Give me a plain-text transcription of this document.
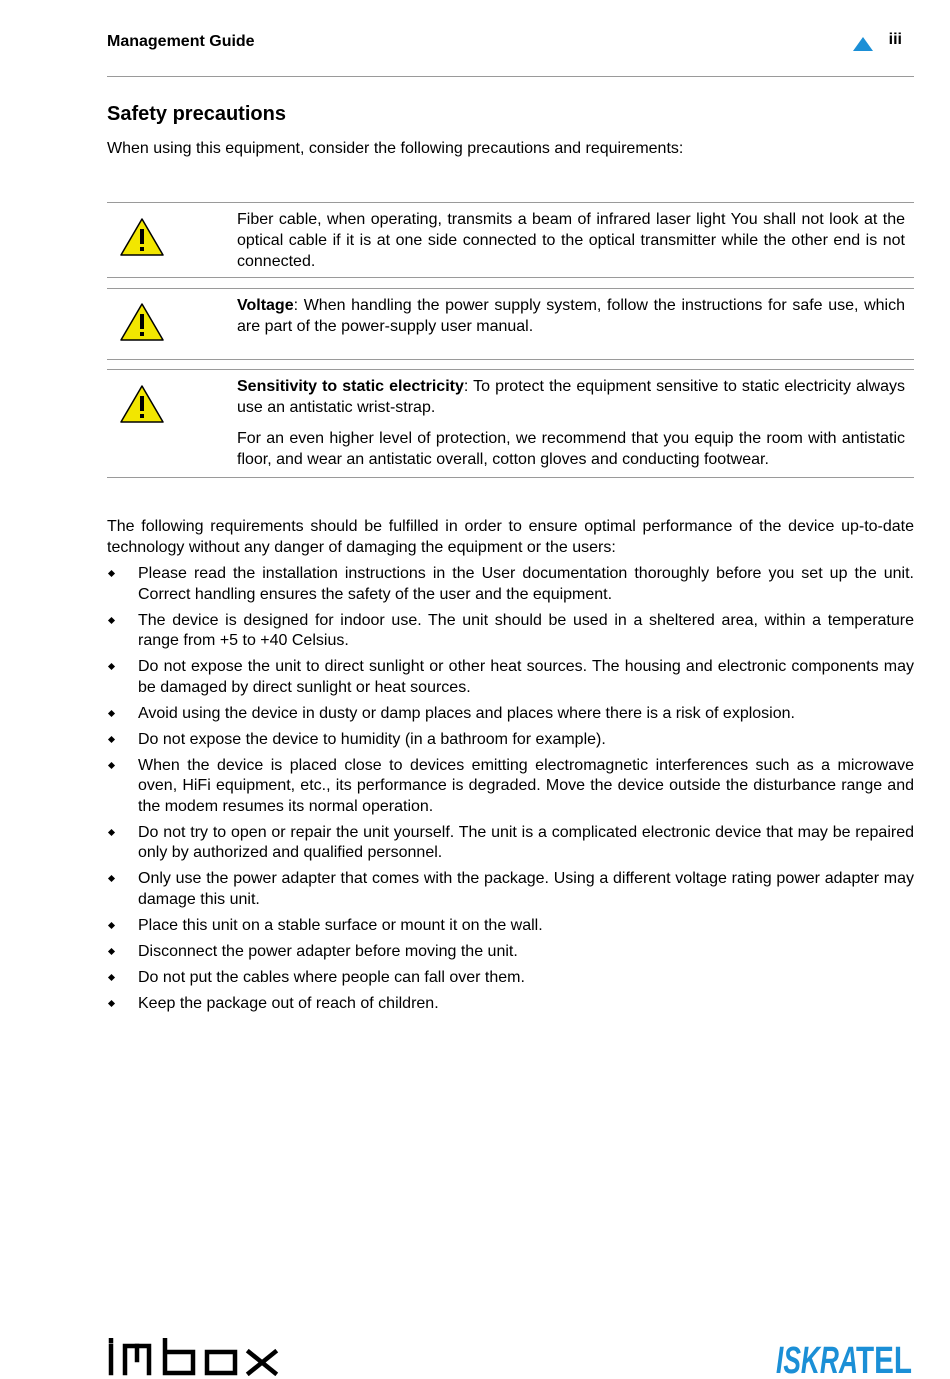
Management Guide	iii
Safety precautions

When using this equipment, consider the following precautions and requirements:

Fiber cable, when operating, transmits a beam of infrared laser light You shall not look at the optical cable if it is at one side connected to the optical transmitter while the other end is not connected.

Voltage: When handling the power supply system, follow the instructions for safe use, which are part of the power-supply user manual.

Sensitivity to static electricity: To protect the equipment sensitive to static electricity always use an antistatic wrist-strap.

For an even higher level of protection, we recommend that you equip the room with antistatic floor, and wear an antistatic overall, cotton gloves and conducting footwear.

The following requirements should be fulfilled in order to ensure optimal performance of the device up-to-date technology without any danger of damaging the equipment or the users:

Please read the installation instructions in the User documentation thoroughly before you set up the unit. Correct handling ensures the safety of the user and the equipment.
The device is designed for indoor use. The unit should be used in a sheltered area, within a temperature range from +5 to +40 Celsius.
Do not expose the unit to direct sunlight or other heat sources. The housing and electronic components may be damaged by direct sunlight or heat sources.
Avoid using the device in dusty or damp places and places where there is a risk of explosion.
Do not expose the device to humidity (in a bathroom for example).
When the device is placed close to devices emitting electromagnetic interferences such as a microwave oven, HiFi equipment, etc., its performance is degraded. Move the device outside the disturbance range and the modem resumes its normal operation.
Do not try to open or repair the unit yourself. The unit is a complicated electronic device that may be repaired only by authorized and qualified personnel.
Only use the power adapter that comes with the package. Using a different voltage rating power adapter may damage this unit.
Place this unit on a stable surface or mount it on the wall.
Disconnect the power adapter before moving the unit.
Do not put the cables where people can fall over them.
Keep the package out of reach of children.
ISKRA
TEL
